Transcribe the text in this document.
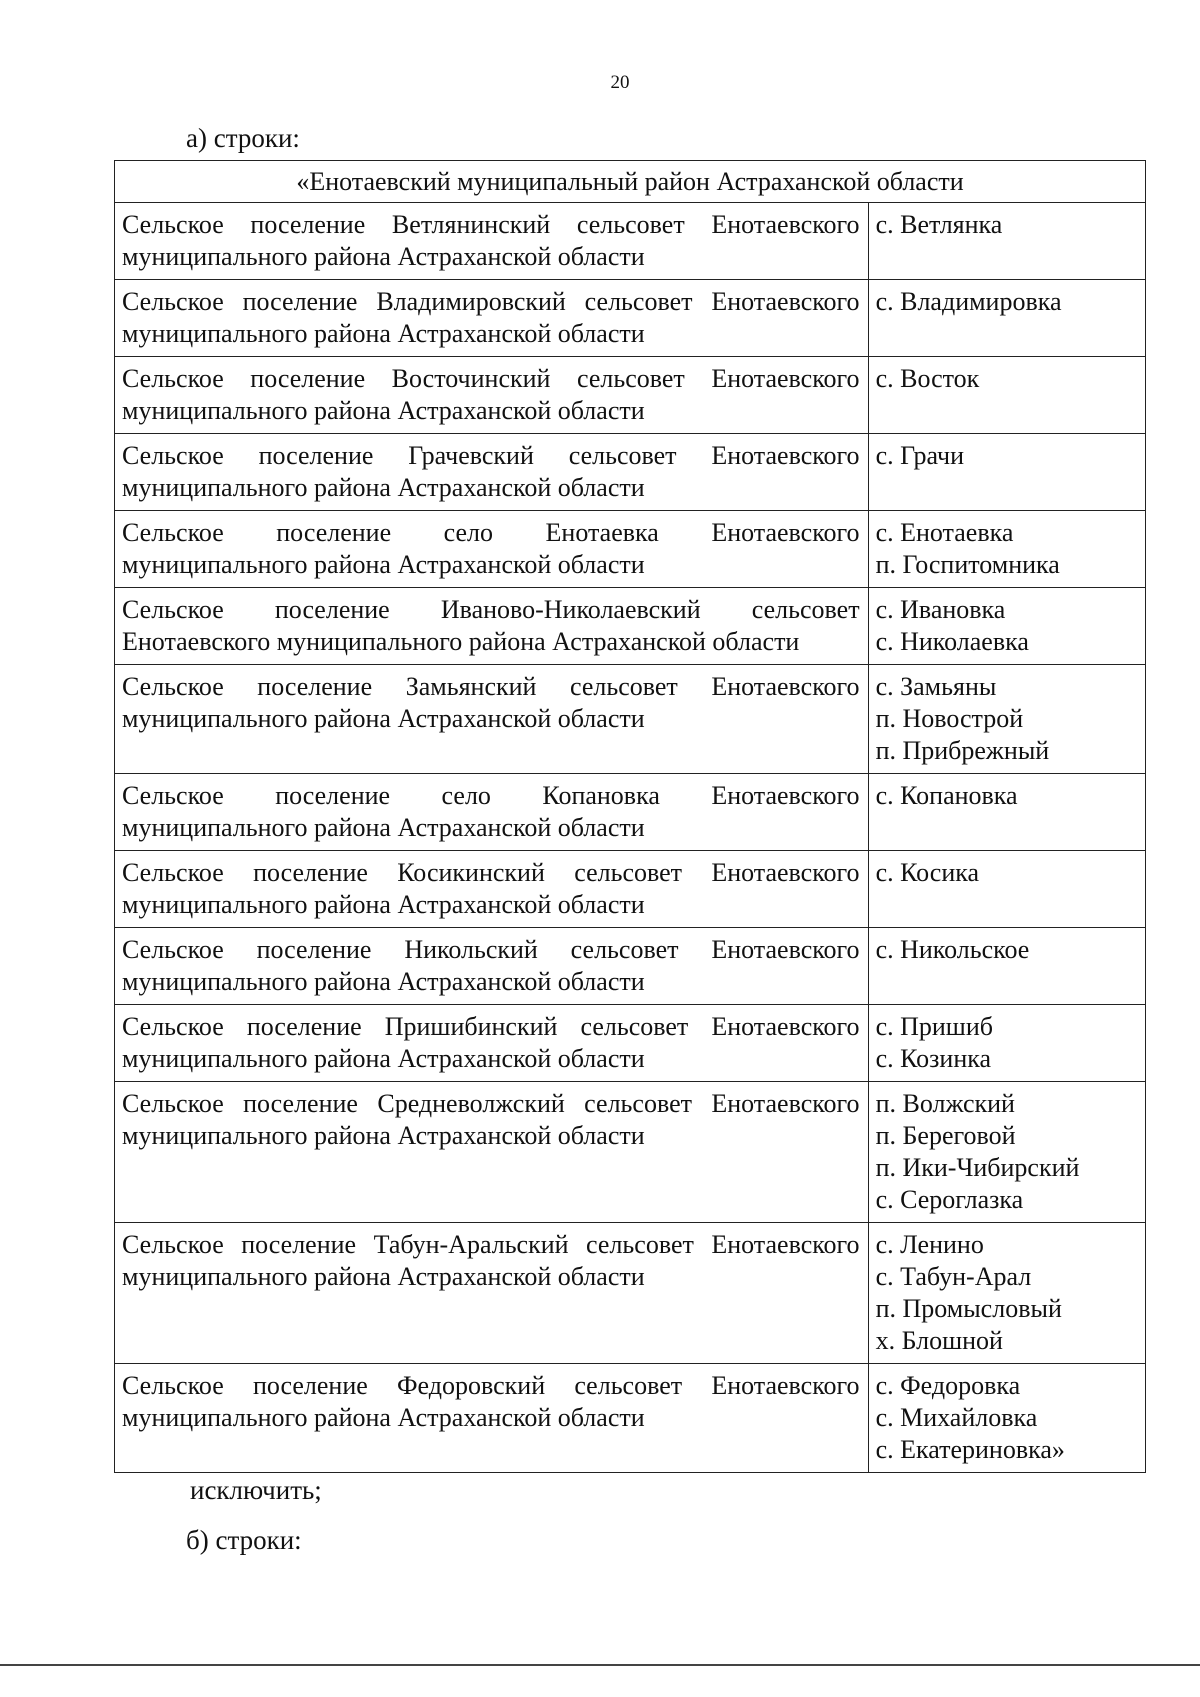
20
а) строки:
«Енотаевский муниципальный район Астраханской области	
Сельское поселение Ветлянинский сельсовет Енотаевского муниципального района Астраханской области	с. Ветлянка

Сельское поселение Владимировский сельсовет Енотаевского муниципального района Астраханской области	с. Владимировка

Сельское поселение Восточинский сельсовет Енотаевского муниципального района Астраханской области	с. Восток

Сельское поселение Грачевский сельсовет Енотаевского муниципального района Астраханской области	с. Грачи

Сельское поселение село Енотаевка Енотаевского муниципального района Астраханской области	с. Енотаевка
п. Госпитомника

Сельское поселение Иваново-Николаевский сельсовет Енотаевского муниципального района Астраханской области	с. Ивановка
с. Николаевка

Сельское поселение Замьянский сельсовет Енотаевского муниципального района Астраханской области	с. Замьяны
п. Новострой
п. Прибрежный

Сельское поселение село Копановка Енотаевского муниципального района Астраханской области	с. Копановка

Сельское поселение Косикинский сельсовет Енотаевского муниципального района Астраханской области	с. Косика

Сельское поселение Никольский сельсовет Енотаевского муниципального района Астраханской области	с. Никольское

Сельское поселение Пришибинский сельсовет Енотаевского муниципального района Астраханской области	с. Пришиб
с. Козинка

Сельское поселение Средневолжский сельсовет Енотаевского муниципального района Астраханской области	п. Волжский
п. Береговой
п. Ики-Чибирский
с. Сероглазка

Сельское поселение Табун-Аральский сельсовет Енотаевского муниципального района Астраханской области	с. Ленино
с. Табун-Арал
п. Промысловый
х. Блошной

Сельское поселение Федоровский сельсовет Енотаевского муниципального района Астраханской области	с. Федоровка
с. Михайловка
с. Екатериновка»
исключить;
б) строки:
